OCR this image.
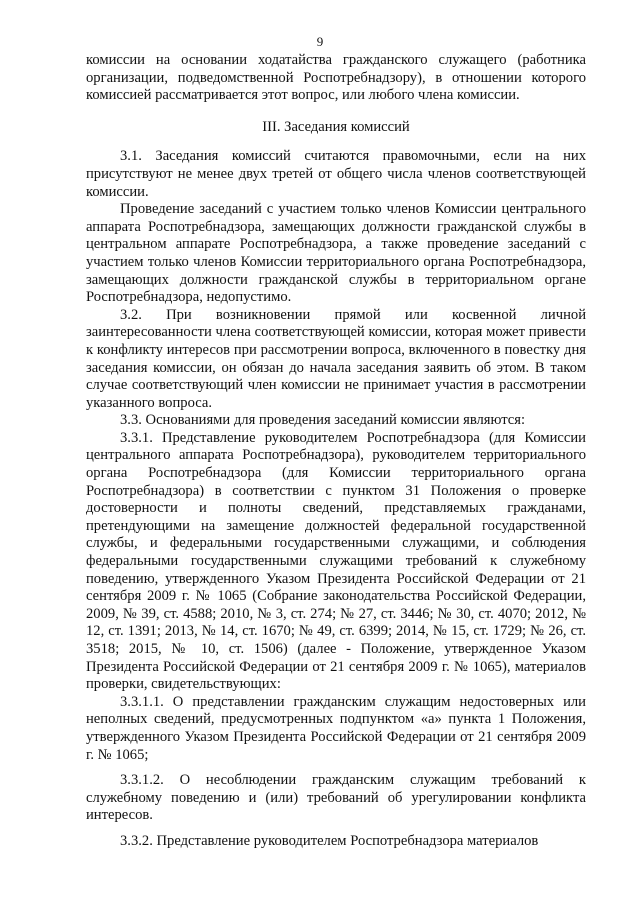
9

комиссии на основании ходатайства гражданского служащего (работника организации, подведомственной Роспотребнадзору), в отношении которого комиссией рассматривается этот вопрос, или любого члена комиссии.

III. Заседания комиссий

3.1. Заседания комиссий считаются правомочными, если на них присутствуют не менее двух третей от общего числа членов соответствующей комиссии.

Проведение заседаний с участием только членов Комиссии центрального аппарата Роспотребнадзора, замещающих должности гражданской службы в центральном аппарате Роспотребнадзора, а также проведение заседаний с участием только членов Комиссии территориального органа Роспотребнадзора, замещающих должности гражданской службы в территориальном органе Роспотребнадзора, недопустимо.

3.2. При возникновении прямой или косвенной личной заинтересованности члена соответствующей комиссии, которая может привести к конфликту интересов при рассмотрении вопроса, включенного в повестку дня заседания комиссии, он обязан до начала заседания заявить об этом. В таком случае соответствующий член комиссии не принимает участия в рассмотрении указанного вопроса.

3.3. Основаниями для проведения заседаний комиссии являются:

3.3.1. Представление руководителем Роспотребнадзора (для Комиссии центрального аппарата Роспотребнадзора), руководителем территориального органа Роспотребнадзора (для Комиссии территориального органа Роспотребнадзора) в соответствии с пунктом 31 Положения о проверке достоверности и полноты сведений, представляемых гражданами, претендующими на замещение должностей федеральной государственной службы, и федеральными государственными служащими, и соблюдения федеральными государственными служащими требований к служебному поведению, утвержденного Указом Президента Российской Федерации от 21 сентября 2009 г. № 1065 (Собрание законодательства Российской Федерации, 2009, № 39, ст. 4588; 2010, № 3, ст. 274; № 27, ст. 3446; № 30, ст. 4070; 2012, № 12, ст. 1391; 2013, № 14, ст. 1670; № 49, ст. 6399; 2014, № 15, ст. 1729; № 26, ст. 3518; 2015, № 10, ст. 1506) (далее - Положение, утвержденное Указом Президента Российской Федерации от 21 сентября 2009 г. № 1065), материалов проверки, свидетельствующих:

3.3.1.1. О представлении гражданским служащим недостоверных или неполных сведений, предусмотренных подпунктом «а» пункта 1 Положения, утвержденного Указом Президента Российской Федерации от 21 сентября 2009 г. № 1065;

3.3.1.2. О несоблюдении гражданским служащим требований к служебному поведению и (или) требований об урегулировании конфликта интересов.

3.3.2. Представление руководителем Роспотребнадзора материалов
